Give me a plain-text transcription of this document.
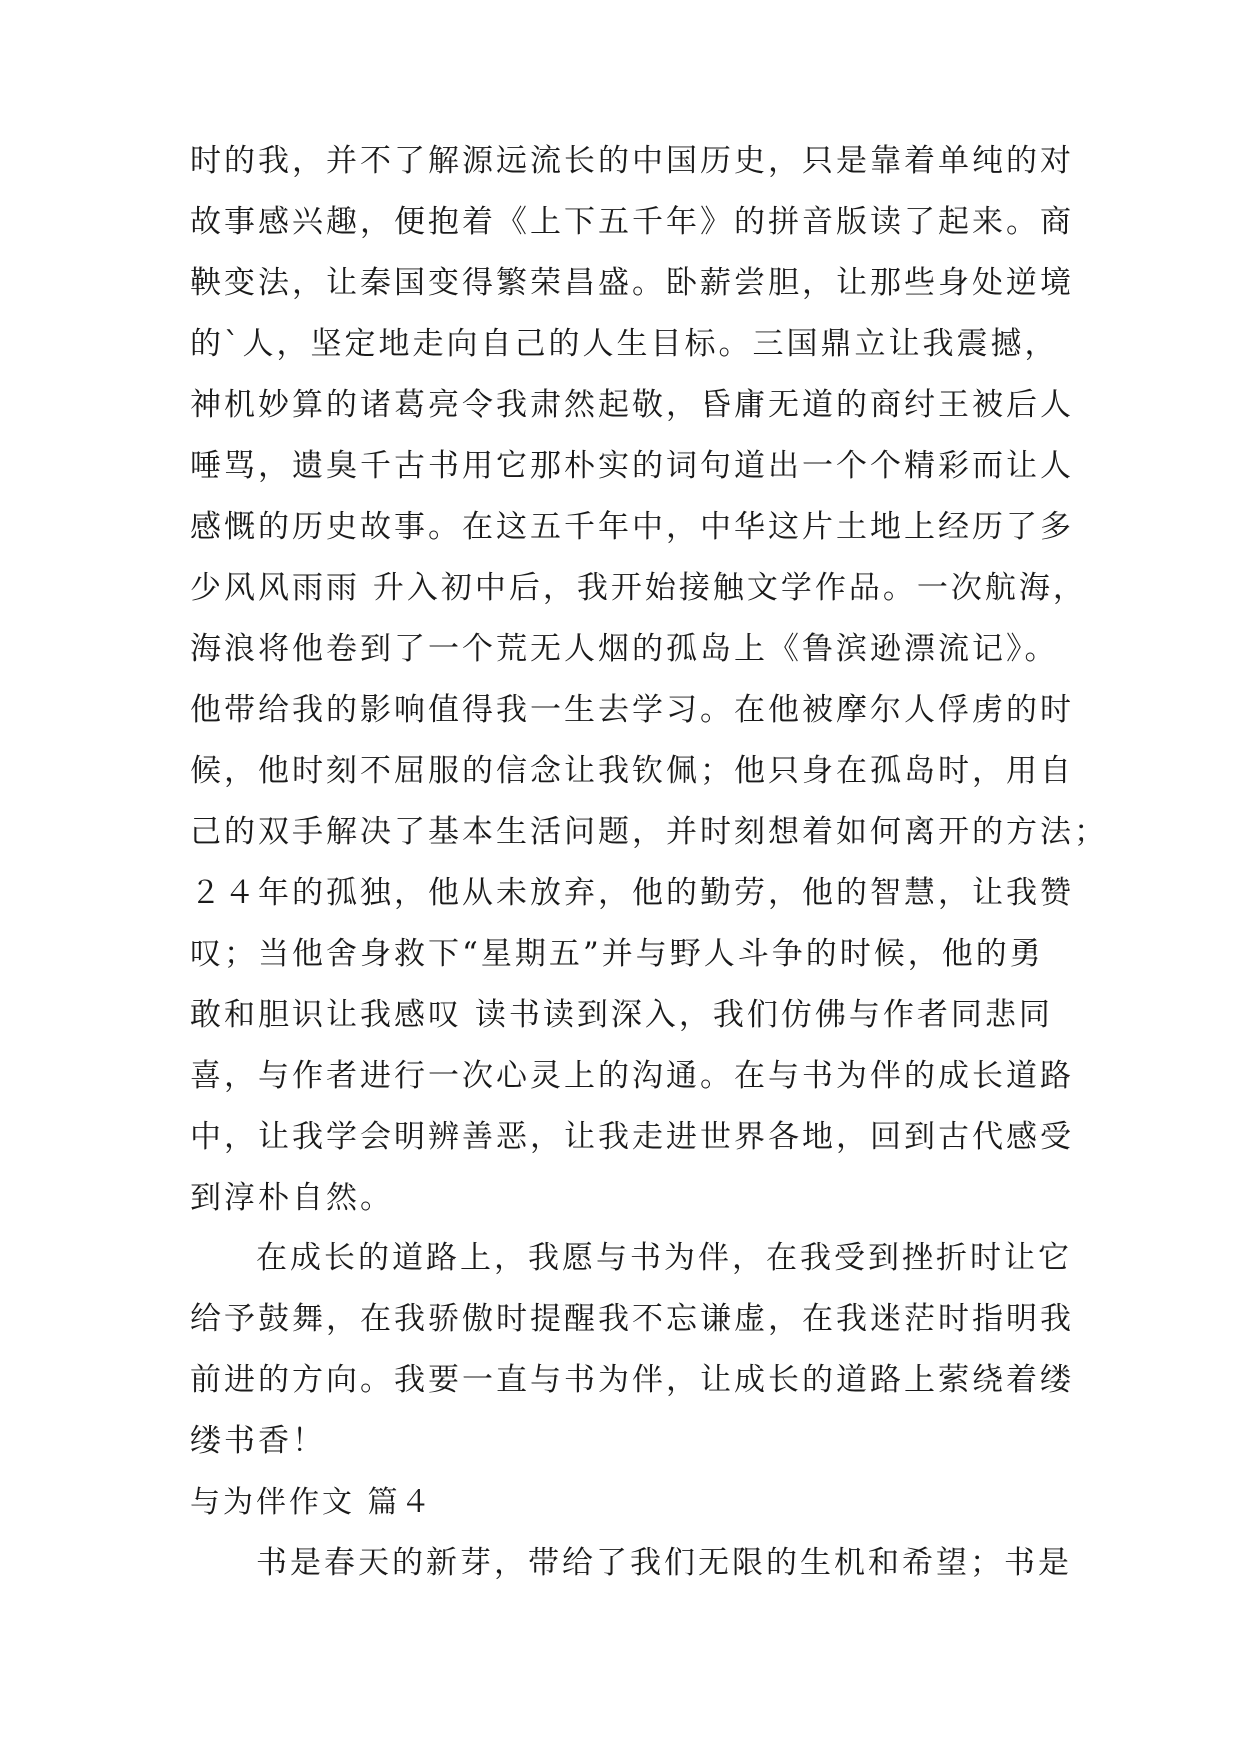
时的我，并不了解源远流长的中国历史，只是靠着单纯的对
故事感兴趣，便抱着《上下五千年》的拼音版读了起来。商
鞅变法，让秦国变得繁荣昌盛。卧薪尝胆，让那些身处逆境
的`人，坚定地走向自己的人生目标。三国鼎立让我震撼，
神机妙算的诸葛亮令我肃然起敬，昏庸无道的商纣王被后人
唾骂，遗臭千古书用它那朴实的词句道出一个个精彩而让人
感慨的历史故事。在这五千年中，中华这片土地上经历了多
少风风雨雨 升入初中后，我开始接触文学作品。一次航海，
海浪将他卷到了一个荒无人烟的孤岛上《鲁滨逊漂流记》。
他带给我的影响值得我一生去学习。在他被摩尔人俘虏的时
候，他时刻不屈服的信念让我钦佩；他只身在孤岛时，用自
己的双手解决了基本生活问题，并时刻想着如何离开的方法；
２４年的孤独，他从未放弃，他的勤劳，他的智慧，让我赞
叹；当他舍身救下“星期五”并与野人斗争的时候，他的勇
敢和胆识让我感叹 读书读到深入，我们仿佛与作者同悲同
喜，与作者进行一次心灵上的沟通。在与书为伴的成长道路
中，让我学会明辨善恶，让我走进世界各地，回到古代感受
到淳朴自然。
在成长的道路上，我愿与书为伴，在我受到挫折时让它
给予鼓舞，在我骄傲时提醒我不忘谦虚，在我迷茫时指明我
前进的方向。我要一直与书为伴，让成长的道路上萦绕着缕
缕书香！
与为伴作文 篇４
书是春天的新芽，带给了我们无限的生机和希望；书是
